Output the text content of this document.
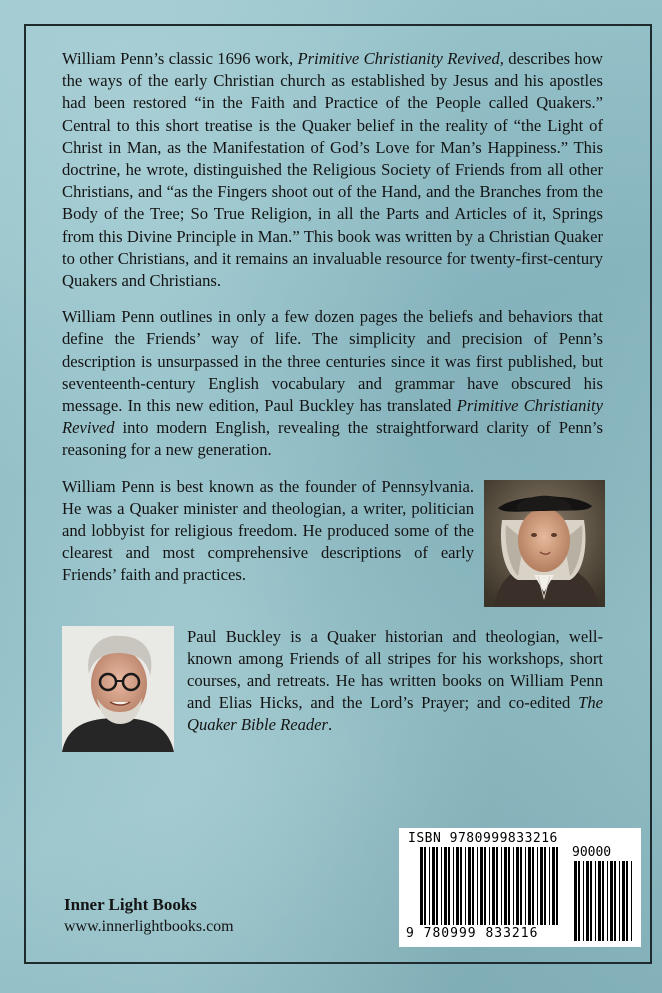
William Penn’s classic 1696 work, Primitive Christianity Revived, describes how the ways of the early Christian church as established by Jesus and his apostles had been restored “in the Faith and Practice of the People called Quakers.” Central to this short treatise is the Quaker belief in the reality of “the Light of Christ in Man, as the Manifestation of God’s Love for Man’s Happiness.” This doctrine, he wrote, distinguished the Religious Society of Friends from all other Christians, and “as the Fingers shoot out of the Hand, and the Branches from the Body of the Tree; So True Religion, in all the Parts and Articles of it, Springs from this Divine Principle in Man.” This book was written by a Christian Quaker to other Christians, and it remains an invaluable resource for twenty-first-century Quakers and Christians.

William Penn outlines in only a few dozen pages the beliefs and behaviors that define the Friends’ way of life. The simplicity and precision of Penn’s description is unsurpassed in the three centuries since it was first published, but seventeenth-century English vocabulary and grammar have obscured his message. In this new edition, Paul Buckley has translated Primitive Christianity Revived into modern English, revealing the straightforward clarity of Penn’s reasoning for a new generation.

William Penn is best known as the founder of Pennsylvania. He was a Quaker minister and theologian, a writer, politician and lobbyist for religious freedom. He produced some of the clearest and most comprehensive descriptions of early Friends’ faith and practices.

Paul Buckley is a Quaker historian and theologian, well-known among Friends of all stripes for his workshops, short courses, and retreats. He has written books on William Penn and Elias Hicks, and the Lord’s Prayer; and co-edited The Quaker Bible Reader.

Inner Light Books
www.innerlightbooks.com
ISBN 9780999833216
90000
9 780999 833216
